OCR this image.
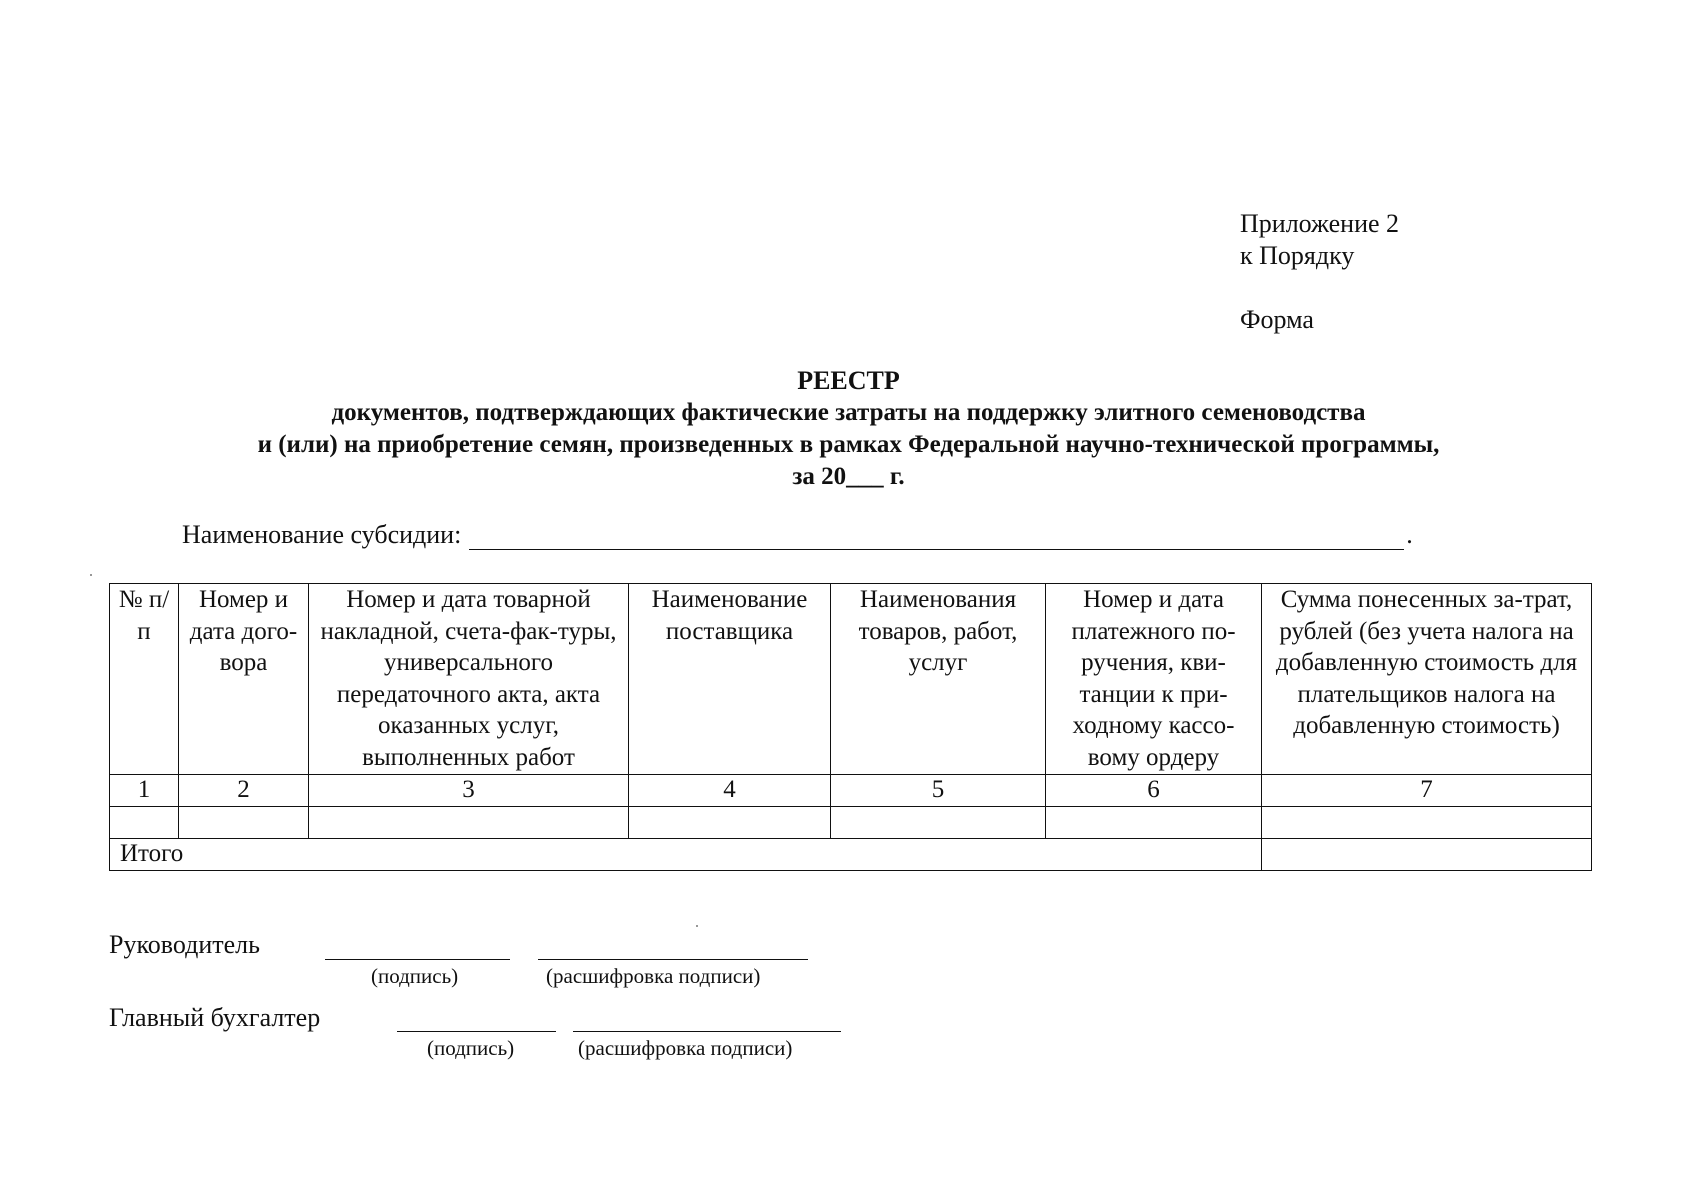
Приложение 2
к Порядку
Форма
РЕЕСТР
документов, подтверждающих фактические затраты на поддержку элитного семеноводства
и (или) на приобретение семян, произведенных в рамках Федеральной научно-технической программы,
за 20___ г.
Наименование субсидии:	.
№ п/п	Номер и дата дого-вора	Номер и дата товарной накладной, счета-фак-туры, универсального передаточного акта, акта оказанных услуг, выполненных работ	Наименование поставщика	Наименования товаров, работ, услуг	Номер и дата платежного по-ручения, кви-танции к при-ходному кассо-вому ордеру	Сумма понесенных за-трат, рублей (без учета налога на добавленную стоимость для плательщиков налога на добавленную стоимость)
1	2	3	4	5	6	7

Итого						
Руководитель
(подпись)	(расшифровка подписи)
Главный бухгалтер
(подпись)	(расшифровка подписи)
